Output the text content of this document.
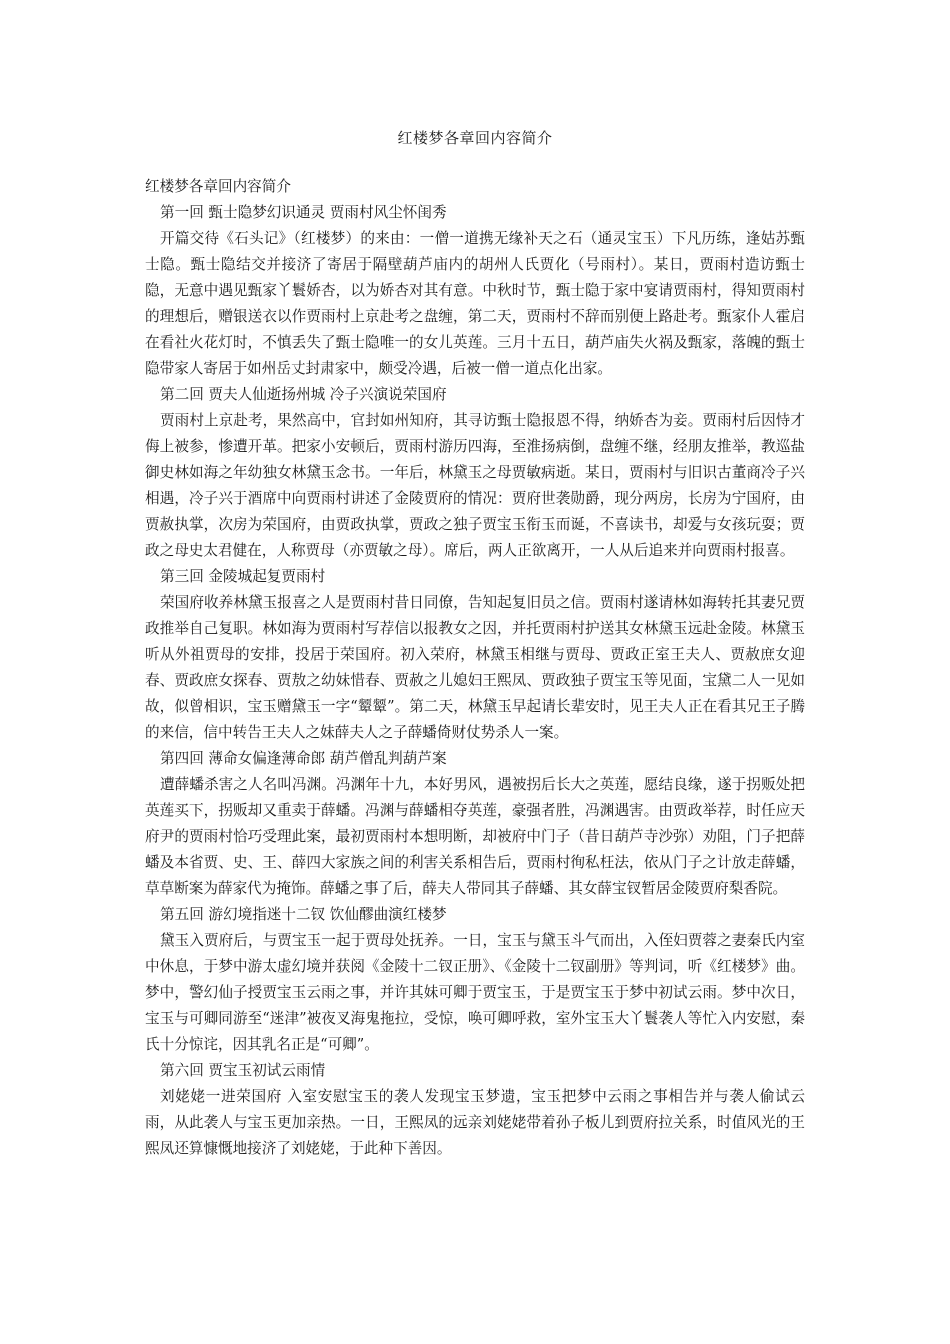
红楼梦各章回内容简介

红楼梦各章回内容简介

第一回 甄士隐梦幻识通灵 贾雨村风尘怀闺秀

开篇交待《石头记》（红楼梦）的来由：一僧一道携无缘补天之石（通灵宝玉）下凡历练，逢姑苏甄士隐。甄士隐结交并接济了寄居于隔壁葫芦庙内的胡州人氏贾化（号雨村）。某日，贾雨村造访甄士隐，无意中遇见甄家丫鬟娇杏，以为娇杏对其有意。中秋时节，甄士隐于家中宴请贾雨村，得知贾雨村的理想后，赠银送衣以作贾雨村上京赴考之盘缠，第二天，贾雨村不辞而别便上路赴考。甄家仆人霍启在看社火花灯时，不慎丢失了甄士隐唯一的女儿英莲。三月十五日，葫芦庙失火祸及甄家，落魄的甄士隐带家人寄居于如州岳丈封肃家中，颇受冷遇，后被一僧一道点化出家。

第二回 贾夫人仙逝扬州城 冷子兴演说荣国府

贾雨村上京赴考，果然高中，官封如州知府，其寻访甄士隐报恩不得，纳娇杏为妾。贾雨村后因恃才侮上被参，惨遭开革。把家小安顿后，贾雨村游历四海，至淮扬病倒，盘缠不继，经朋友推举，教巡盐御史林如海之年幼独女林黛玉念书。一年后，林黛玉之母贾敏病逝。某日，贾雨村与旧识古董商冷子兴相遇，冷子兴于酒席中向贾雨村讲述了金陵贾府的情况：贾府世袭勋爵，现分两房，长房为宁国府，由贾赦执掌，次房为荣国府，由贾政执掌，贾政之独子贾宝玉衔玉而诞，不喜读书，却爱与女孩玩耍；贾政之母史太君健在，人称贾母（亦贾敏之母）。席后，两人正欲离开，一人从后追来并向贾雨村报喜。

第三回 金陵城起复贾雨村

荣国府收养林黛玉报喜之人是贾雨村昔日同僚，告知起复旧员之信。贾雨村遂请林如海转托其妻兄贾政推举自己复职。林如海为贾雨村写荐信以报教女之因，并托贾雨村护送其女林黛玉远赴金陵。林黛玉听从外祖贾母的安排，投居于荣国府。初入荣府，林黛玉相继与贾母、贾政正室王夫人、贾赦庶女迎春、贾政庶女探春、贾敖之幼妹惜春、贾赦之儿媳妇王熙凤、贾政独子贾宝玉等见面，宝黛二人一见如故，似曾相识，宝玉赠黛玉一字“颦颦”。第二天，林黛玉早起请长辈安时，见王夫人正在看其兄王子腾的来信，信中转告王夫人之妹薛夫人之子薛蟠倚财仗势杀人一案。

第四回 薄命女偏逢薄命郎 葫芦僧乱判葫芦案

遭薛蟠杀害之人名叫冯渊。冯渊年十九，本好男风，遇被拐后长大之英莲，愿结良缘，遂于拐贩处把英莲买下，拐贩却又重卖于薛蟠。冯渊与薛蟠相夺英莲，豪强者胜，冯渊遇害。由贾政举荐，时任应天府尹的贾雨村恰巧受理此案，最初贾雨村本想明断，却被府中门子（昔日葫芦寺沙弥）劝阻，门子把薛蟠及本省贾、史、王、薛四大家族之间的利害关系相告后，贾雨村徇私枉法，依从门子之计放走薛蟠，草草断案为薛家代为掩饰。薛蟠之事了后，薛夫人带同其子薛蟠、其女薛宝钗暂居金陵贾府梨香院。

第五回 游幻境指迷十二钗 饮仙醪曲演红楼梦

黛玉入贾府后，与贾宝玉一起于贾母处抚养。一日，宝玉与黛玉斗气而出，入侄妇贾蓉之妻秦氏内室中休息，于梦中游太虚幻境并获阅《金陵十二钗正册》、《金陵十二钗副册》等判词，听《红楼梦》曲。梦中，警幻仙子授贾宝玉云雨之事，并许其妹可卿于贾宝玉，于是贾宝玉于梦中初试云雨。梦中次日，宝玉与可卿同游至“迷津”被夜叉海鬼拖拉，受惊，唤可卿呼救，室外宝玉大丫鬟袭人等忙入内安慰，秦氏十分惊诧，因其乳名正是“可卿”。

第六回 贾宝玉初试云雨情

刘姥姥一进荣国府 入室安慰宝玉的袭人发现宝玉梦遗，宝玉把梦中云雨之事相告并与袭人偷试云雨，从此袭人与宝玉更加亲热。一日，王熙凤的远亲刘姥姥带着孙子板儿到贾府拉关系，时值风光的王熙凤还算慷慨地接济了刘姥姥，于此种下善因。
